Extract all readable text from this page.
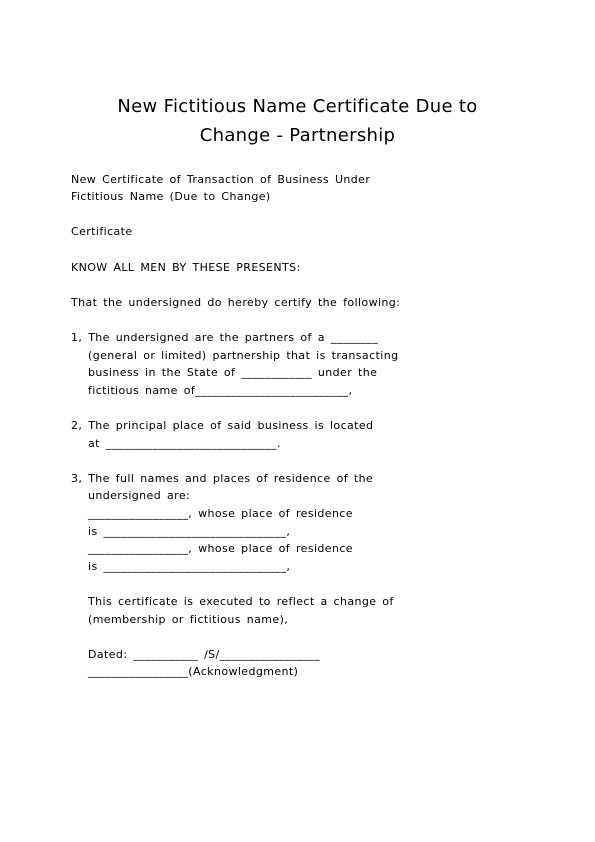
New Fictitious Name Certificate Due to
Change - Partnership
New Certificate of Transaction of Business Under
Fictitious Name (Due to Change)
Certificate
KNOW ALL MEN BY THESE PRESENTS:
That the undersigned do hereby certify the following:
1, The undersigned are the partners of a ________
(general or limited) partnership that is transacting
business in the State of ____________ under the
fictitious name of__________________________,
2, The principal place of said business is located
at _____________________________.
3, The full names and places of residence of the
undersigned are:
_________________, whose place of residence
is _______________________________,
_________________, whose place of residence
is _______________________________,
This certificate is executed to reflect a change of
(membership or fictitious name),
Dated: ___________ /S/_________________
_________________(Acknowledgment)
